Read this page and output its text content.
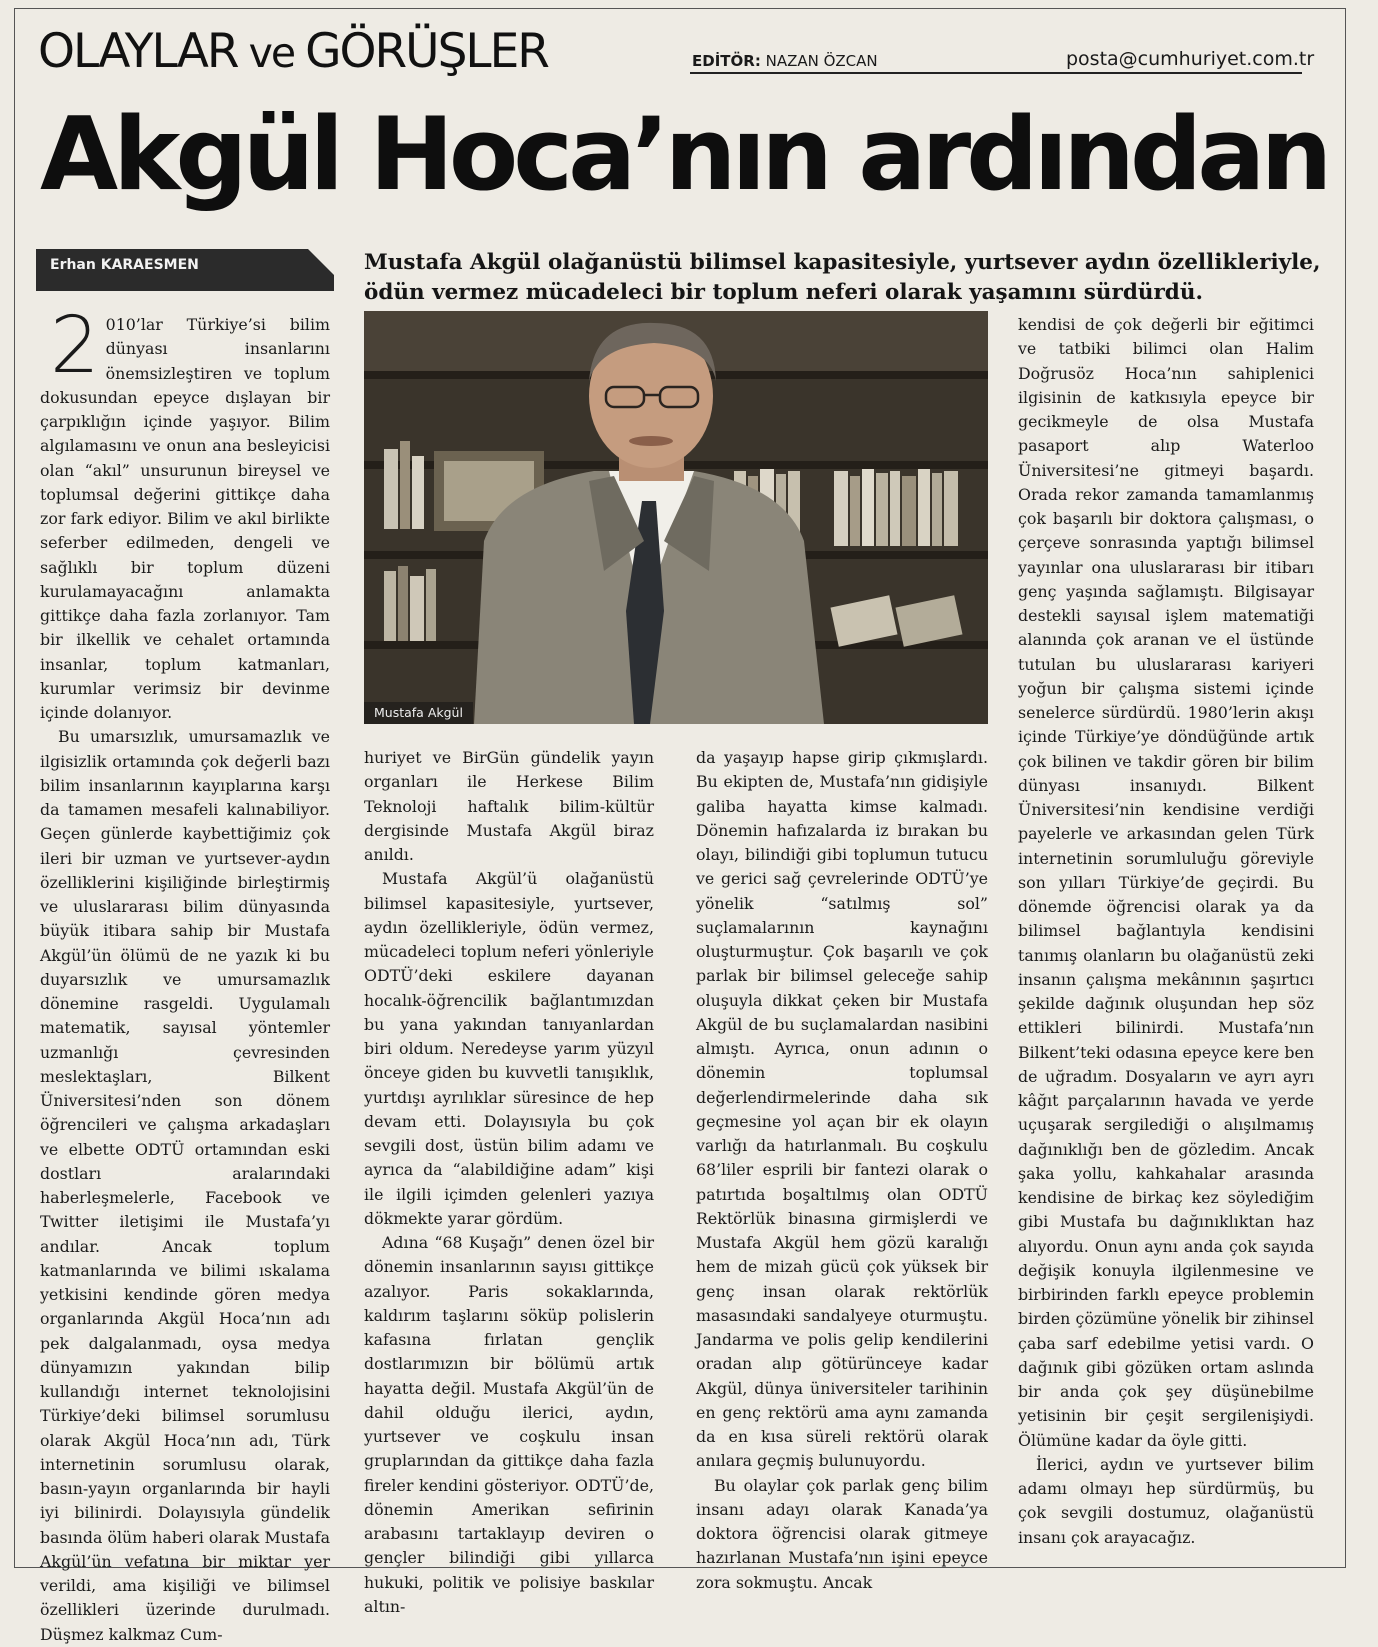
OLAYLAR ve GÖRÜŞLER	EDİTÖR: NAZAN ÖZCAN	posta@cumhuriyet.com.tr
Akgül Hoca’nın ardından
Erhan KARAESMEN	Mustafa Akgül olağanüstü bilimsel kapasitesiyle, yurtsever aydın özellikleriyle,
ödün vermez mücadeleci bir toplum neferi olarak yaşamını sürdürdü.
Mustafa Akgül

2 010’lar Türkiye’si bilim dünyası insanlarını önemsizleştiren ve toplum dokusundan epeyce dışlayan bir çarpıklığın içinde yaşıyor. Bilim algılamasını ve onun ana besleyicisi olan “akıl” unsurunun bireysel ve toplumsal değerini gittikçe daha zor fark ediyor. Bilim ve akıl birlikte seferber edilmeden, dengeli ve sağlıklı bir toplum düzeni kurulamayacağını anlamakta gittikçe daha fazla zorlanıyor. Tam bir ilkellik ve cehalet ortamında insanlar, toplum katmanları, kurumlar verimsiz bir devinme içinde dolanıyor.

Bu umarsızlık, umursamazlık ve ilgisizlik ortamında çok değerli bazı bilim insanlarının kayıplarına karşı da tamamen mesafeli kalınabiliyor. Geçen günlerde kaybettiğimiz çok ileri bir uzman ve yurtsever-aydın özelliklerini kişiliğinde birleştirmiş ve uluslararası bilim dünyasında büyük itibara sahip bir Mustafa Akgül’ün ölümü de ne yazık ki bu duyarsızlık ve umursamazlık dönemine rasgeldi. Uygulamalı matematik, sayısal yöntemler uzmanlığı çevresinden meslektaşları, Bilkent Üniversitesi’nden son dönem öğrencileri ve çalışma arkadaşları ve elbette ODTÜ ortamından eski dostları aralarındaki haberleşmelerle, Facebook ve Twitter iletişimi ile Mustafa’yı andılar. Ancak toplum katmanlarında ve bilimi ıskalama yetkisini kendinde gören medya organlarında Akgül Hoca’nın adı pek dalgalanmadı, oysa medya dünyamızın yakından bilip kullandığı internet teknolojisini Türkiye’deki bilimsel sorumlusu olarak Akgül Hoca’nın adı, Türk internetinin sorumlusu olarak, basın-yayın organlarında bir hayli iyi bilinirdi. Dolayısıyla gündelik basında ölüm haberi olarak Mustafa Akgül’ün vefatına bir miktar yer verildi, ama kişiliği ve bilimsel özellikleri üzerinde durulmadı. Düşmez kalkmaz Cum-

huriyet ve BirGün gündelik yayın organları ile Herkese Bilim Teknoloji haftalık bilim-kültür dergisinde Mustafa Akgül biraz anıldı.

Mustafa Akgül’ü olağanüstü bilimsel kapasitesiyle, yurtsever, aydın özellikleriyle, ödün vermez, mücadeleci toplum neferi yönleriyle ODTÜ’deki eskilere dayanan hocalık-öğrencilik bağlantımızdan bu yana yakından tanıyanlardan biri oldum. Neredeyse yarım yüzyıl önceye giden bu kuvvetli tanışıklık, yurtdışı ayrılıklar süresince de hep devam etti. Dolayısıyla bu çok sevgili dost, üstün bilim adamı ve ayrıca da “alabildiğine adam” kişi ile ilgili içimden gelenleri yazıya dökmekte yarar gördüm.

Adına “68 Kuşağı” denen özel bir dönemin insanlarının sayısı gittikçe azalıyor. Paris sokaklarında, kaldırım taşlarını söküp polislerin kafasına fırlatan gençlik dostlarımızın bir bölümü artık hayatta değil. Mustafa Akgül’ün de dahil olduğu ilerici, aydın, yurtsever ve coşkulu insan gruplarından da gittikçe daha fazla fireler kendini gösteriyor. ODTÜ’de, dönemin Amerikan sefirinin arabasını tartaklayıp deviren o gençler bilindiği gibi yıllarca hukuki, politik ve polisiye baskılar altın-

da yaşayıp hapse girip çıkmışlardı. Bu ekipten de, Mustafa’nın gidişiyle galiba hayatta kimse kalmadı. Dönemin hafızalarda iz bırakan bu olayı, bilindiği gibi toplumun tutucu ve gerici sağ çevrelerinde ODTÜ’ye yönelik “satılmış sol” suçlamalarının kaynağını oluşturmuştur. Çok başarılı ve çok parlak bir bilimsel geleceğe sahip oluşuyla dikkat çeken bir Mustafa Akgül de bu suçlamalardan nasibini almıştı. Ayrıca, onun adının o dönemin toplumsal değerlendirmelerinde daha sık geçmesine yol açan bir ek olayın varlığı da hatırlanmalı. Bu coşkulu 68’liler esprili bir fantezi olarak o patırtıda boşaltılmış olan ODTÜ Rektörlük binasına girmişlerdi ve Mustafa Akgül hem gözü karalığı hem de mizah gücü çok yüksek bir genç insan olarak rektörlük masasındaki sandalyeye oturmuştu. Jandarma ve polis gelip kendilerini oradan alıp götürünceye kadar Akgül, dünya üniversiteler tarihinin en genç rektörü ama aynı zamanda da en kısa süreli rektörü olarak anılara geçmiş bulunuyordu.

Bu olaylar çok parlak genç bilim insanı adayı olarak Kanada’ya doktora öğrencisi olarak gitmeye hazırlanan Mustafa’nın işini epeyce zora sokmuştu. Ancak

kendisi de çok değerli bir eğitimci ve tatbiki bilimci olan Halim Doğrusöz Hoca’nın sahiplenici ilgisinin de katkısıyla epeyce bir gecikmeyle de olsa Mustafa pasaport alıp Waterloo Üniversitesi’ne gitmeyi başardı. Orada rekor zamanda tamamlanmış çok başarılı bir doktora çalışması, o çerçeve sonrasında yaptığı bilimsel yayınlar ona uluslararası bir itibarı genç yaşında sağlamıştı. Bilgisayar destekli sayısal işlem matematiği alanında çok aranan ve el üstünde tutulan bu uluslararası kariyeri yoğun bir çalışma sistemi içinde senelerce sürdürdü. 1980’lerin akışı içinde Türkiye’ye döndüğünde artık çok bilinen ve takdir gören bir bilim dünyası insanıydı. Bilkent Üniversitesi’nin kendisine verdiği payelerle ve arkasından gelen Türk internetinin sorumluluğu göreviyle son yılları Türkiye’de geçirdi. Bu dönemde öğrencisi olarak ya da bilimsel bağlantıyla kendisini tanımış olanların bu olağanüstü zeki insanın çalışma mekânının şaşırtıcı şekilde dağınık oluşundan hep söz ettikleri bilinirdi. Mustafa’nın Bilkent’teki odasına epeyce kere ben de uğradım. Dosyaların ve ayrı ayrı kâğıt parçalarının havada ve yerde uçuşarak sergilediği o alışılmamış dağınıklığı ben de gözledim. Ancak şaka yollu, kahkahalar arasında kendisine de birkaç kez söylediğim gibi Mustafa bu dağınıklıktan haz alıyordu. Onun aynı anda çok sayıda değişik konuyla ilgilenmesine ve birbirinden farklı epeyce problemin birden çözümüne yönelik bir zihinsel çaba sarf edebilme yetisi vardı. O dağınık gibi gözüken ortam aslında bir anda çok şey düşünebilme yetisinin bir çeşit sergilenişiydi. Ölümüne kadar da öyle gitti.

İlerici, aydın ve yurtsever bilim adamı olmayı hep sürdürmüş, bu çok sevgili dostumuz, olağanüstü insanı çok arayacağız.
